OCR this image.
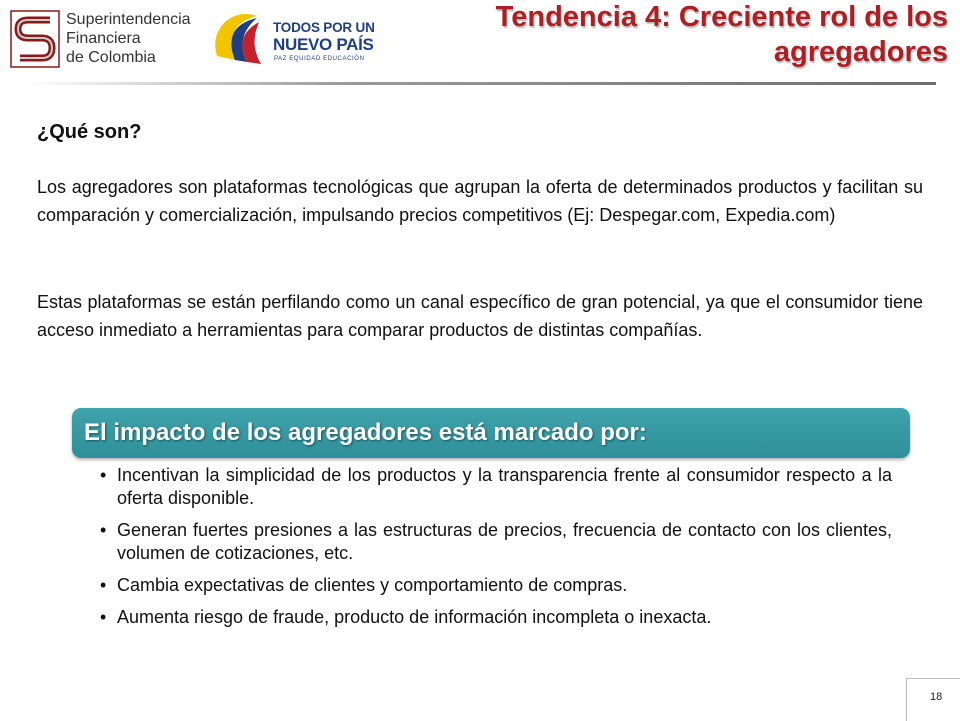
Superintendencia
Financiera
de Colombia
TODOS POR UN
NUEVO PAÍS
PAZ EQUIDAD EDUCACIÓN
Tendencia 4: Creciente rol de los
agregadores
¿Qué son?

Los agregadores son plataformas tecnológicas que agrupan la oferta de determinados productos y facilitan su comparación y comercialización, impulsando precios competitivos (Ej: Despegar.com, Expedia.com)

Estas plataformas se están perfilando como un canal específico de gran potencial, ya que el consumidor tiene acceso inmediato a herramientas para comparar productos de distintas compañías.

El impacto de los agregadores está marcado por:
• Incentivan la simplicidad de los productos y la transparencia frente al consumidor respecto a la oferta disponible.
• Generan fuertes presiones a las estructuras de precios, frecuencia de contacto con los clientes, volumen de cotizaciones, etc.
• Cambia expectativas de clientes y comportamiento de compras.
• Aumenta riesgo de fraude, producto de información incompleta o inexacta.
18
